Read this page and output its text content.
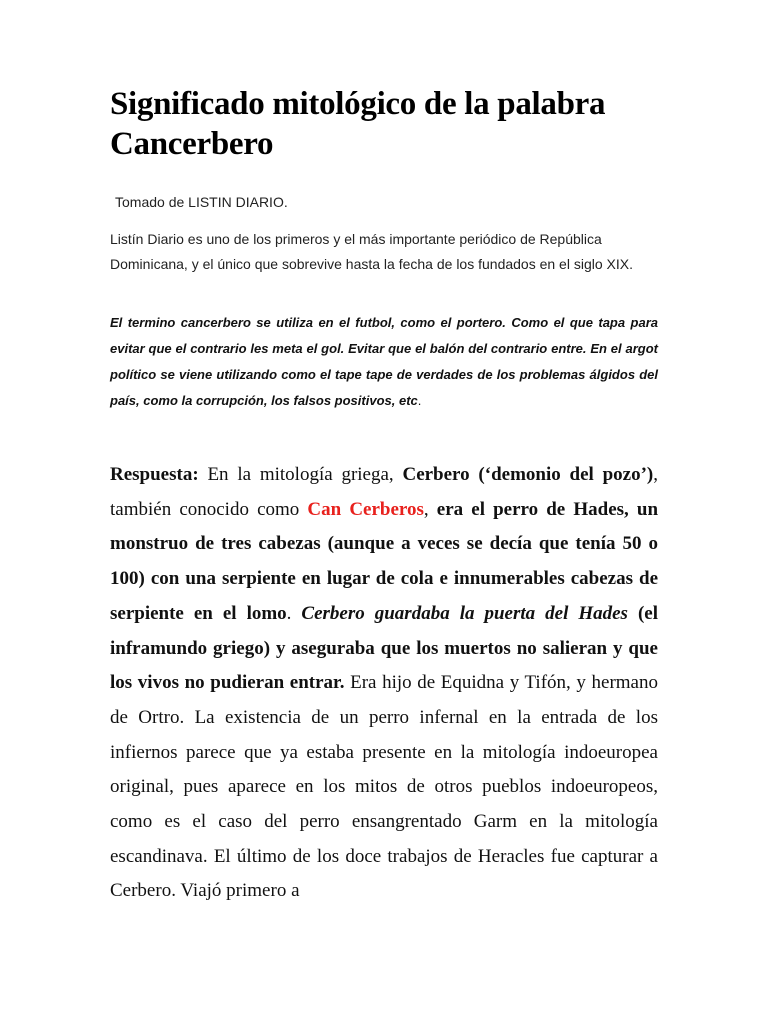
Significado mitológico de la palabra Cancerbero

Tomado de LISTIN DIARIO.

Listín Diario es uno de los primeros y el más importante periódico de República Dominicana, y el único que sobrevive hasta la fecha de los fundados en el siglo XIX.

El termino cancerbero se utiliza en el futbol, como el portero. Como el que tapa para evitar que el contrario les meta el gol. Evitar que el balón del contrario entre. En el argot político se viene utilizando como el tape tape de verdades de los problemas álgidos del país, como la corrupción, los falsos positivos, etc.

Respuesta: En la mitología griega, Cerbero (‘demonio del pozo’), también conocido como Can Cerberos, era el perro de Hades, un monstruo de tres cabezas (aunque a veces se decía que tenía 50 o 100) con una serpiente en lugar de cola e innumerables cabezas de serpiente en el lomo. Cerbero guardaba la puerta del Hades (el inframundo griego) y aseguraba que los muertos no salieran y que los vivos no pudieran entrar. Era hijo de Equidna y Tifón, y hermano de Ortro. La existencia de un perro infernal en la entrada de los infiernos parece que ya estaba presente en la mitología indoeuropea original, pues aparece en los mitos de otros pueblos indoeuropeos, como es el caso del perro ensangrentado Garm en la mitología escandinava. El último de los doce trabajos de Heracles fue capturar a Cerbero. Viajó primero a
